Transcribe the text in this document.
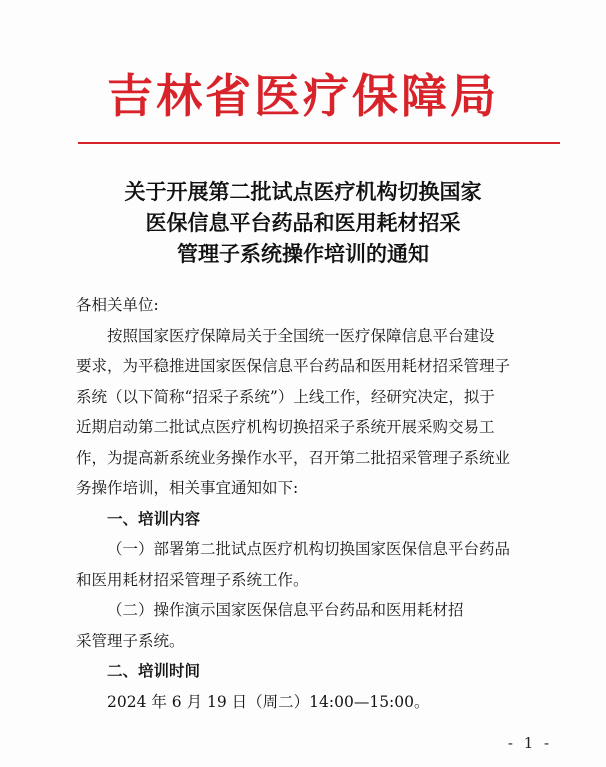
吉林省医疗保障局
关于开展第二批试点医疗机构切换国家
医保信息平台药品和医用耗材招采
管理子系统操作培训的通知

各相关单位:

按照国家医疗保障局关于全国统一医疗保障信息平台建设

要求，为平稳推进国家医保信息平台药品和医用耗材招采管理子

系统（以下简称“招采子系统”）上线工作，经研究决定，拟于

近期启动第二批试点医疗机构切换招采子系统开展采购交易工

作，为提高新系统业务操作水平，召开第二批招采管理子系统业

务操作培训，相关事宜通知如下:

一、培训内容

（一）部署第二批试点医疗机构切换国家医保信息平台药品

和医用耗材招采管理子系统工作。

（二）操作演示国家医保信息平台药品和医用耗材招

采管理子系统。

二、培训时间

2024 年 6 月 19 日（周二）14:00—15:00。

- 1 -
